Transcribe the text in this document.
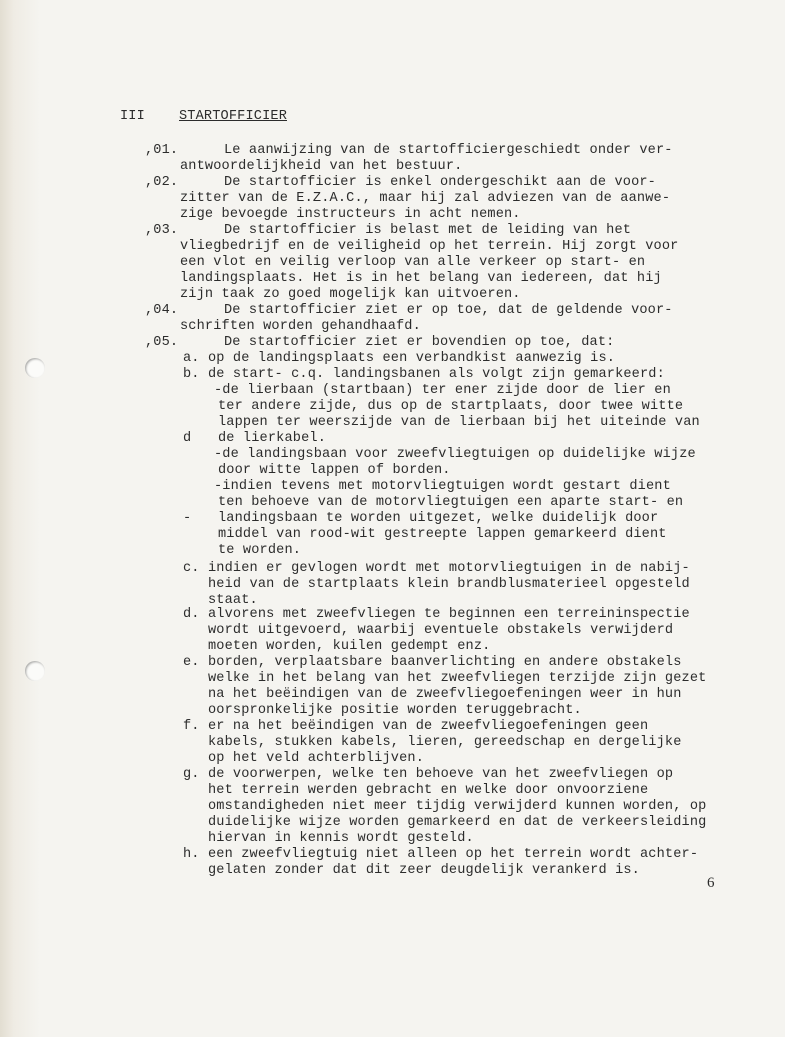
III	STARTOFFICIER
,01.	Le aanwijzing van de startofficiergeschiedt onder ver-
antwoordelijkheid van het bestuur.
,02.	De startofficier is enkel ondergeschikt aan de voor-
zitter van de E.Z.A.C., maar hij zal adviezen van de aanwe-
zige bevoegde instructeurs in acht nemen.
,03.	De startofficier is belast met de leiding van het
vliegbedrijf en de veiligheid op het terrein. Hij zorgt voor
een vlot en veilig verloop van alle verkeer op start- en
landingsplaats. Het is in het belang van iedereen, dat hij
zijn taak zo goed mogelijk kan uitvoeren.
,04.	De startofficier ziet er op toe, dat de geldende voor-
schriften worden gehandhaafd.
,05.	De startofficier ziet er bovendien op toe, dat:
a. op de landingsplaats een verbandkist aanwezig is.
b. de start- c.q. landingsbanen als volgt zijn gemarkeerd:
-de lierbaan (startbaan) ter ener zijde door de lier en
ter andere zijde, dus op de startplaats, door twee witte
lappen ter weerszijde van de lierbaan bij het uiteinde van
d de lierkabel.
-de landingsbaan voor zweefvliegtuigen op duidelijke wijze
door witte lappen of borden.
-indien tevens met motorvliegtuigen wordt gestart dient
ten behoeve van de motorvliegtuigen een aparte start- en
- landingsbaan te worden uitgezet, welke duidelijk door
middel van rood-wit gestreepte lappen gemarkeerd dient
te worden.
c. indien er gevlogen wordt met motorvliegtuigen in de nabij-
heid van de startplaats klein brandblusmaterieel opgesteld
staat.
d. alvorens met zweefvliegen te beginnen een terreininspectie
wordt uitgevoerd, waarbij eventuele obstakels verwijderd
moeten worden, kuilen gedempt enz.
e. borden, verplaatsbare baanverlichting en andere obstakels
welke in het belang van het zweefvliegen terzijde zijn gezet
na het beëindigen van de zweefvliegoefeningen weer in hun
oorspronkelijke positie worden teruggebracht.
f. er na het beëindigen van de zweefvliegoefeningen geen
kabels, stukken kabels, lieren, gereedschap en dergelijke
op het veld achterblijven.
g. de voorwerpen, welke ten behoeve van het zweefvliegen op
het terrein werden gebracht en welke door onvoorziene
omstandigheden niet meer tijdig verwijderd kunnen worden, op
duidelijke wijze worden gemarkeerd en dat de verkeersleiding
hiervan in kennis wordt gesteld.
h. een zweefvliegtuig niet alleen op het terrein wordt achter-
gelaten zonder dat dit zeer deugdelijk verankerd is.
6
